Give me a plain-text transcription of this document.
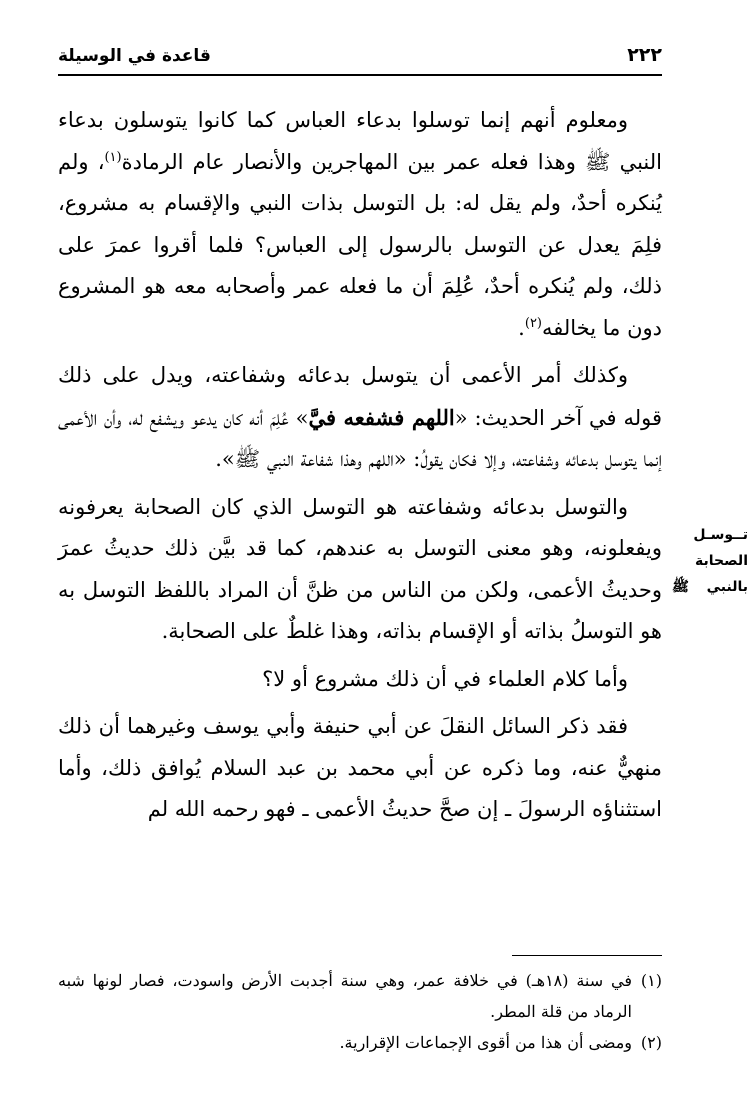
٢٢٢
قاعدة في الوسيلة
تــوسـل الصحابة بالنبي ﷺ

ومعلوم أنهم إنما توسلوا بدعاء العباس كما كانوا يتوسلون بدعاء النبي ﷺ وهذا فعله عمر بين المهاجرين والأنصار عام الرمادة$^{(١)}$، ولم يُنكره أحدٌ، ولم يقل له: بل التوسل بذات النبي والإقسام به مشروع، فلِمَ يعدل عن التوسل بالرسول إلى العباس؟ فلما أقروا عمرَ على ذلك، ولم يُنكره أحدٌ، عُلِمَ أن ما فعله عمر وأصحابه معه هو المشروع دون ما يخالفه$^{(٢)}$.

وكذلك أمر الأعمى أن يتوسل بدعائه وشفاعته، ويدل على ذلك قوله في آخر الحديث: «اللهم فشفعه فيَّ» عُلِمَ أنه كان يدعو ويشفع له، وأن الأعمى إنما يتوسل بدعائه وشفاعته، وإلا فكان يقولُ: «اللهم وهذا شفاعة النبي ﷺ».

والتوسل بدعائه وشفاعته هو التوسل الذي كان الصحابة يعرفونه ويفعلونه، وهو معنى التوسل به عندهم، كما قد بيَّن ذلك حديثُ عمرَ وحديثُ الأعمى، ولكن من الناس من ظنَّ أن المراد باللفظ التوسل به هو التوسلُ بذاته أو الإقسام بذاته، وهذا غلطٌ على الصحابة.

وأما كلام العلماء في أن ذلك مشروع أو لا؟

فقد ذكر السائل النقلَ عن أبي حنيفة وأبي يوسف وغيرهما أن ذلك منهيٌّ عنه، وما ذكره عن أبي محمد بن عبد السلام يُوافق ذلك، وأما استثناؤه الرسولَ ـ إن صحَّ حديثُ الأعمى ـ فهو رحمه الله لم

(١)في سنة (١٨هـ) في خلافة عمر، وهي سنة أجدبت الأرض واسودت، فصار لونها شبه الرماد من قلة المطر.

(٢)ومضى أن هذا من أقوى الإجماعات الإقرارية.
